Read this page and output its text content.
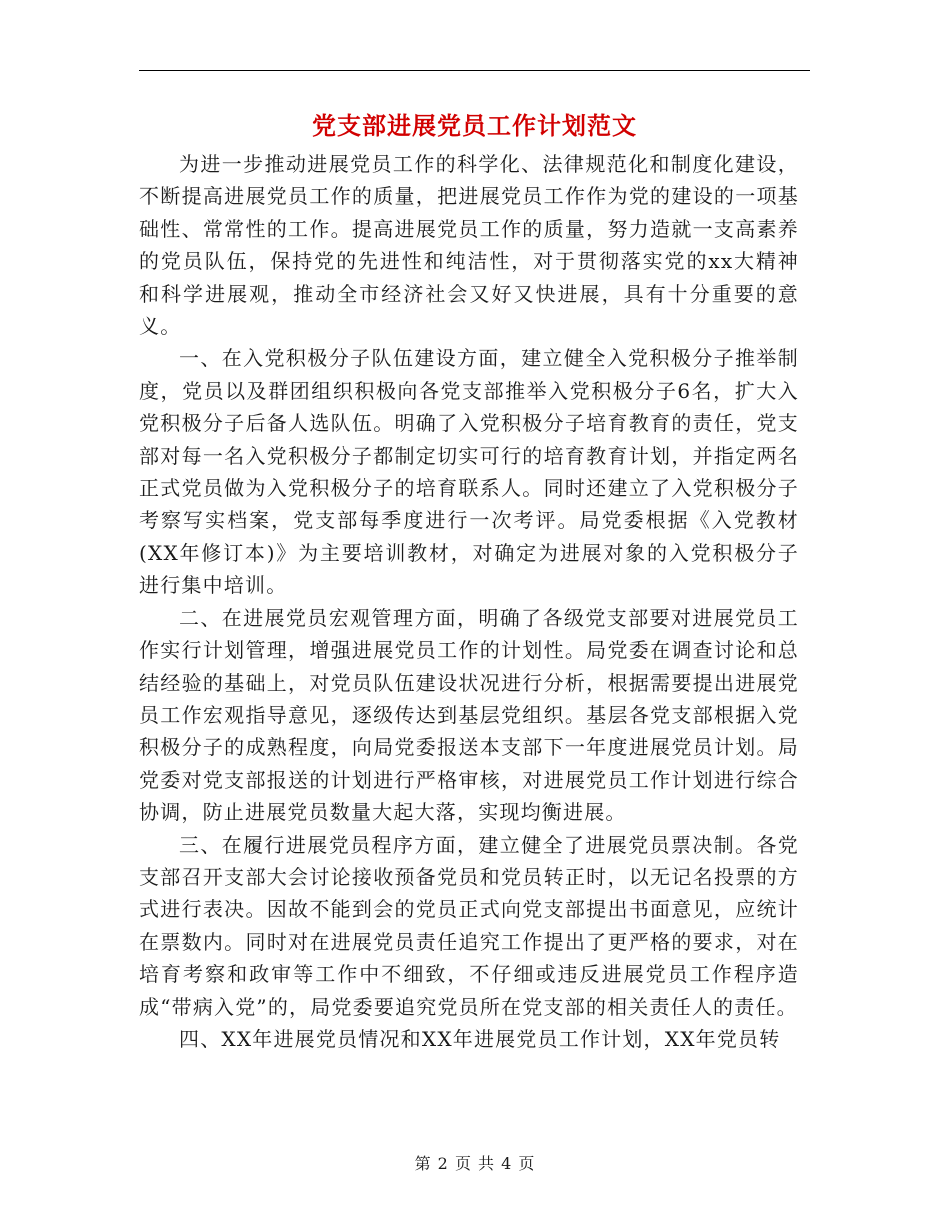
党支部进展党员工作计划范文

为进一步推动进展党员工作的科学化、法律规范化和制度化建设，不断提高进展党员工作的质量，把进展党员工作作为党的建设的一项基础性、常常性的工作。提高进展党员工作的质量，努力造就一支高素养的党员队伍，保持党的先进性和纯洁性，对于贯彻落实党的xx大精神和科学进展观，推动全市经济社会又好又快进展，具有十分重要的意义。

一、在入党积极分子队伍建设方面，建立健全入党积极分子推举制度，党员以及群团组织积极向各党支部推举入党积极分子6名，扩大入党积极分子后备人选队伍。明确了入党积极分子培育教育的责任，党支部对每一名入党积极分子都制定切实可行的培育教育计划，并指定两名正式党员做为入党积极分子的培育联系人。同时还建立了入党积极分子考察写实档案，党支部每季度进行一次考评。局党委根据《入党教材(XX年修订本)》为主要培训教材，对确定为进展对象的入党积极分子进行集中培训。

二、在进展党员宏观管理方面，明确了各级党支部要对进展党员工作实行计划管理，增强进展党员工作的计划性。局党委在调查讨论和总结经验的基础上，对党员队伍建设状况进行分析，根据需要提出进展党员工作宏观指导意见，逐级传达到基层党组织。基层各党支部根据入党积极分子的成熟程度，向局党委报送本支部下一年度进展党员计划。局党委对党支部报送的计划进行严格审核，对进展党员工作计划进行综合协调，防止进展党员数量大起大落，实现均衡进展。

三、在履行进展党员程序方面，建立健全了进展党员票决制。各党支部召开支部大会讨论接收预备党员和党员转正时，以无记名投票的方式进行表决。因故不能到会的党员正式向党支部提出书面意见，应统计在票数内。同时对在进展党员责任追究工作提出了更严格的要求，对在培育考察和政审等工作中不细致，不仔细或违反进展党员工作程序造成“带病入党”的，局党委要追究党员所在党支部的相关责任人的责任。

四、XX年进展党员情况和XX年进展党员工作计划，XX年党员转

第 2 页 共 4 页
